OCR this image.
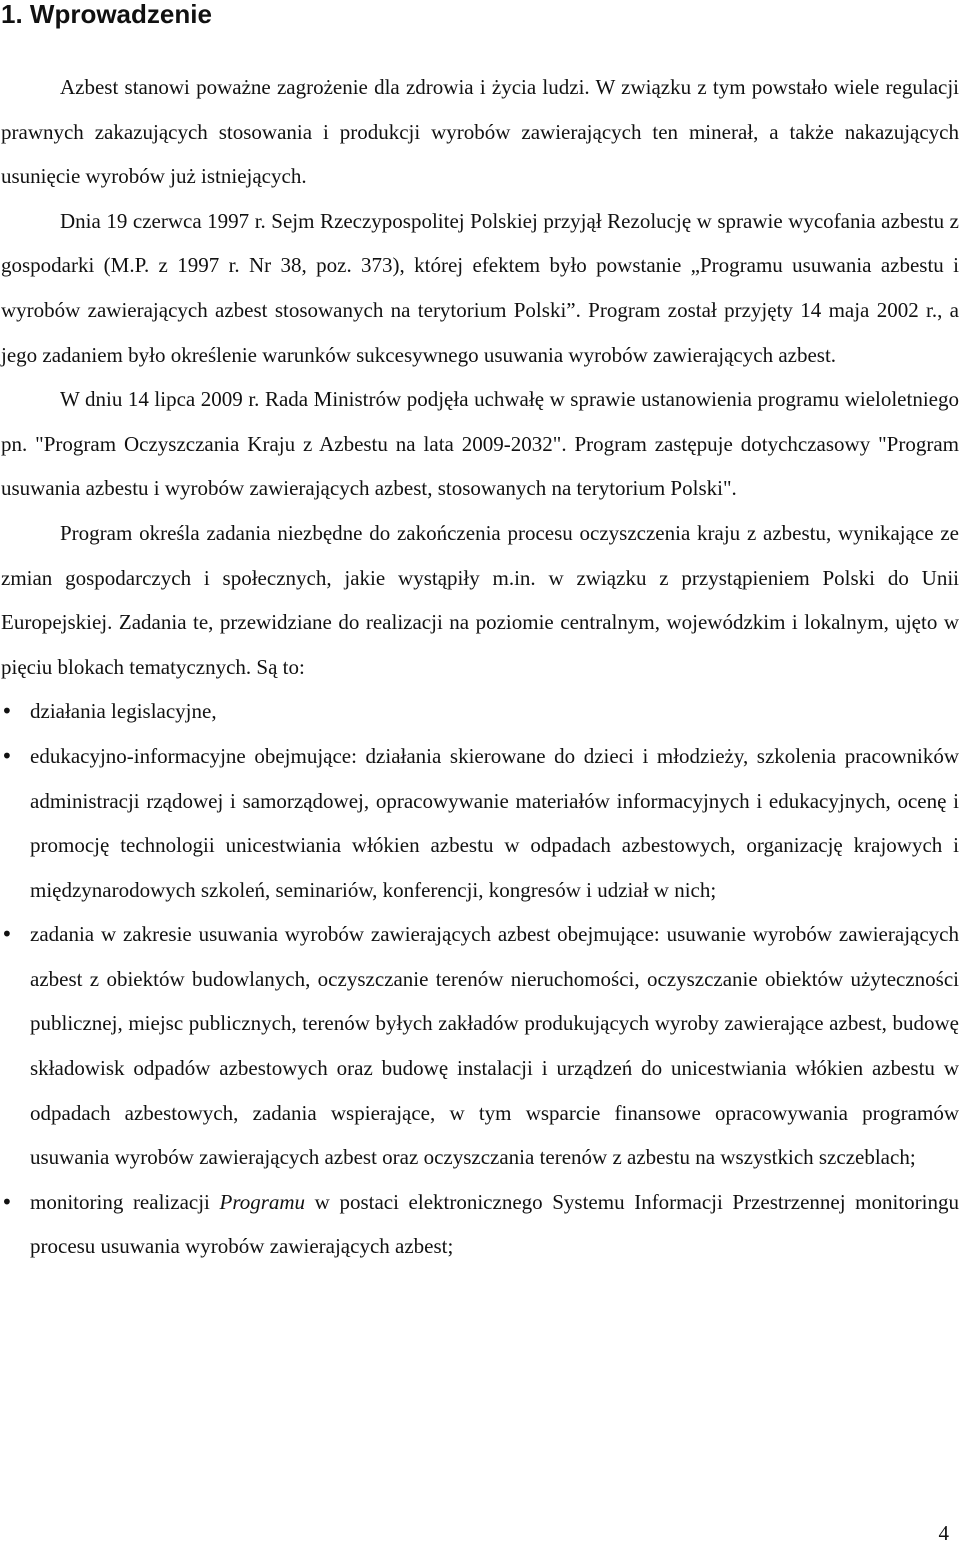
1. Wprowadzenie

Azbest stanowi poważne zagrożenie dla zdrowia i życia ludzi. W związku z tym powstało wiele regulacji prawnych zakazujących stosowania i produkcji wyrobów zawierających ten minerał, a także nakazujących usunięcie wyrobów już istniejących.

Dnia 19 czerwca 1997 r. Sejm Rzeczypospolitej Polskiej przyjął Rezolucję w sprawie wycofania azbestu z gospodarki (M.P. z 1997 r. Nr 38, poz. 373), której efektem było powstanie „Programu usuwania azbestu i wyrobów zawierających azbest stosowanych na terytorium Polski”. Program został przyjęty 14 maja 2002 r., a jego zadaniem było określenie warunków sukcesywnego usuwania wyrobów zawierających azbest.

W dniu 14 lipca 2009 r. Rada Ministrów podjęła uchwałę w sprawie ustanowienia programu wieloletniego pn. "Program Oczyszczania Kraju z Azbestu na lata 2009-2032". Program zastępuje dotychczasowy "Program usuwania azbestu i wyrobów zawierających azbest, stosowanych na terytorium Polski".

Program określa zadania niezbędne do zakończenia procesu oczyszczenia kraju z azbestu, wynikające ze zmian gospodarczych i społecznych, jakie wystąpiły m.in. w związku z przystąpieniem Polski do Unii Europejskiej. Zadania te, przewidziane do realizacji na poziomie centralnym, wojewódzkim i lokalnym, ujęto w pięciu blokach tematycznych. Są to:

• działania legislacyjne,
• edukacyjno-informacyjne obejmujące: działania skierowane do dzieci i młodzieży, szkolenia pracowników administracji rządowej i samorządowej, opracowywanie materiałów informacyjnych i edukacyjnych, ocenę i promocję technologii unicestwiania włókien azbestu w odpadach azbestowych, organizację krajowych i międzynarodowych szkoleń, seminariów, konferencji, kongresów i udział w nich;
• zadania w zakresie usuwania wyrobów zawierających azbest obejmujące: usuwanie wyrobów zawierających azbest z obiektów budowlanych, oczyszczanie terenów nieruchomości, oczyszczanie obiektów użyteczności publicznej, miejsc publicznych, terenów byłych zakładów produkujących wyroby zawierające azbest, budowę składowisk odpadów azbestowych oraz budowę instalacji i urządzeń do unicestwiania włókien azbestu w odpadach azbestowych, zadania wspierające, w tym wsparcie finansowe opracowywania programów usuwania wyrobów zawierających azbest oraz oczyszczania terenów z azbestu na wszystkich szczeblach;
• monitoring realizacji Programu w postaci elektronicznego Systemu Informacji Przestrzennej monitoringu procesu usuwania wyrobów zawierających azbest;
4
